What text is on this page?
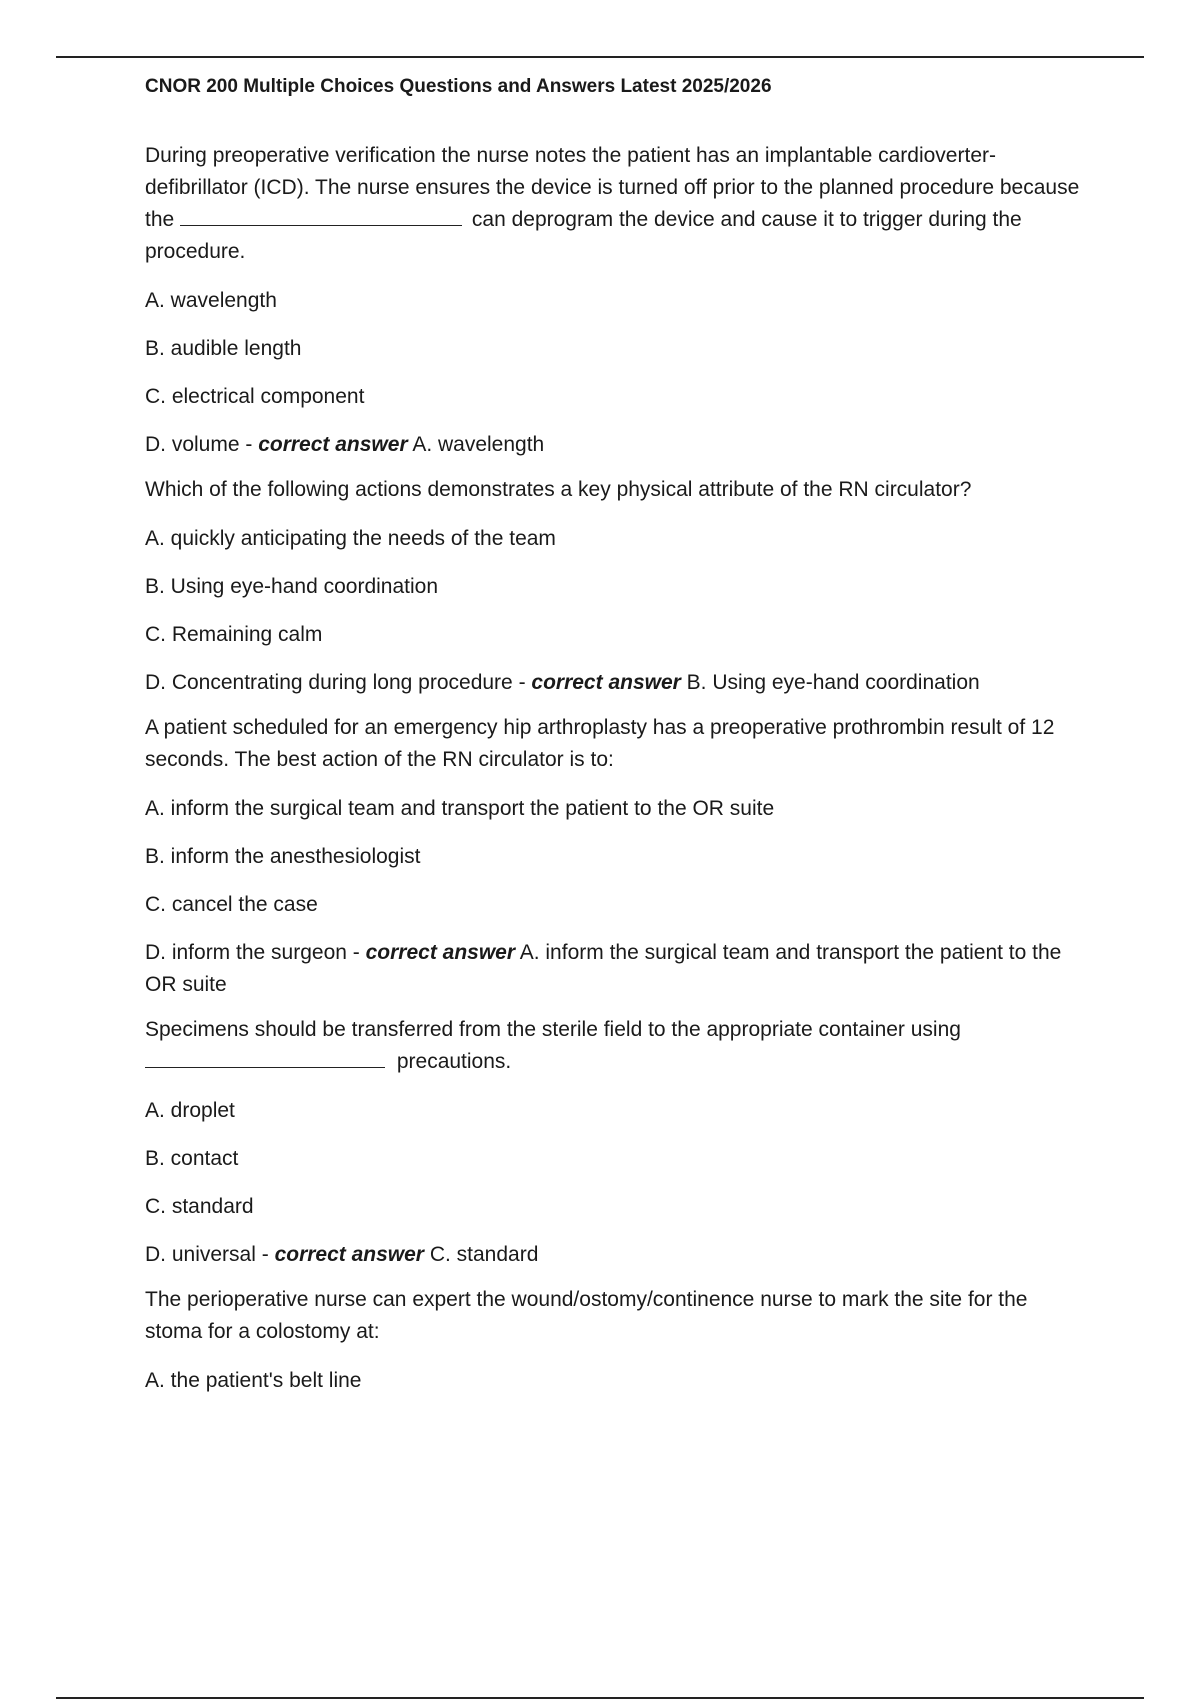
CNOR 200 Multiple Choices Questions and Answers Latest 2025/2026
During preoperative verification the nurse notes the patient has an implantable cardioverter-defibrillator (ICD). The nurse ensures the device is turned off prior to the planned procedure because the	can deprogram the device and cause it to trigger during the procedure.
A. wavelength
B. audible length
C. electrical component
D. volume - correct answer A. wavelength
Which of the following actions demonstrates a key physical attribute of the RN circulator?
A. quickly anticipating the needs of the team
B. Using eye-hand coordination
C. Remaining calm
D. Concentrating during long procedure - correct answer B. Using eye-hand coordination
A patient scheduled for an emergency hip arthroplasty has a preoperative prothrombin result of 12 seconds. The best action of the RN circulator is to:
A. inform the surgical team and transport the patient to the OR suite
B. inform the anesthesiologist
C. cancel the case
D. inform the surgeon - correct answer A. inform the surgical team and transport the patient to the OR suite
Specimens should be transferred from the sterile field to the appropriate container using  precautions.
A. droplet
B. contact
C. standard
D. universal - correct answer C. standard
The perioperative nurse can expert the wound/ostomy/continence nurse to mark the site for the stoma for a colostomy at:
A. the patient's belt line
